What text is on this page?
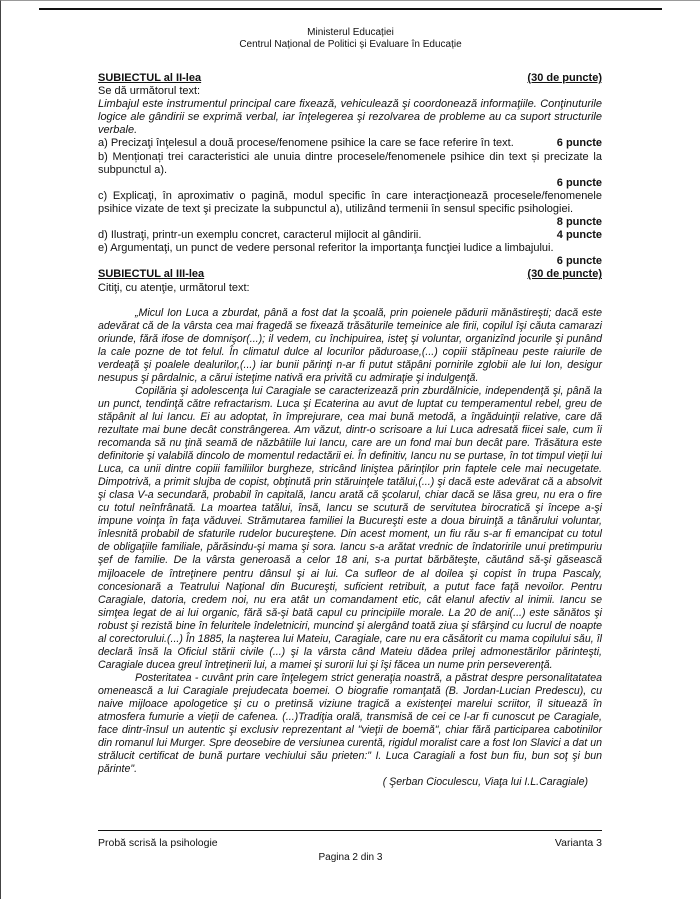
Ministerul Educației
Centrul Național de Politici și Evaluare în Educație
SUBIECTUL al II-lea	(30 de puncte)
Se dă următorul text:
Limbajul este instrumentul principal care fixează, vehiculează şi coordonează informaţiile. Conţinuturile logice ale gândirii se exprimă verbal, iar înţelegerea şi rezolvarea de probleme au ca suport structurile verbale.
a) Precizaţi înţelesul a două procese/fenomene psihice la care se face referire în text.	6 puncte
b) Menționați trei caracteristici ale unuia dintre procesele/fenomenele psihice din text și precizate la subpunctul a).
6 puncte
c) Explicaţi, în aproximativ o pagină, modul specific în care interacţionează procesele/fenomenele psihice vizate de text şi precizate la subpunctul a), utilizând termenii în sensul specific psihologiei.
8 puncte
d) Ilustraţi, printr-un exemplu concret, caracterul mijlocit al gândirii.	4 puncte
e) Argumentaţi, un punct de vedere personal referitor la importanţa funcţiei ludice a limbajului.
6 puncte
SUBIECTUL al III-lea	(30 de puncte)
Citiţi, cu atenţie, următorul text:

„Micul Ion Luca a zburdat, până a fost dat la şcoală, prin poienele pădurii mănăstireşti; dacă este adevărat că de la vârsta cea mai fragedă se fixează trăsăturile temeinice ale firii, copilul îşi căuta camarazi oriunde, fără ifose de domnişor(...); il vedem, cu închipuirea, isteţ şi voluntar, organizînd jocurile şi punând la cale pozne de tot felul. În climatul dulce al locurilor păduroase,(...) copiii stăpîneau peste raiurile de verdeaţă şi poalele dealurilor,(...) iar bunii părinţi n-ar fi putut stăpâni pornirile zglobii ale lui Ion, desigur nesupus şi pârdalnic, a cărui isteţime nativă era privită cu admiraţie şi indulgenţă.

Copilăria şi adolescenţa lui Caragiale se caracterizează prin zburdălnicie, independenţă şi, până la un punct, tendinţă către refractarism. Luca şi Ecaterina au avut de luptat cu temperamentul rebel, greu de stăpânit al lui Iancu. Ei au adoptat, în împrejurare, cea mai bună metodă, a îngăduinţii relative, care dă rezultate mai bune decât constrângerea. Am văzut, dintr-o scrisoare a lui Luca adresată fiicei sale, cum îi recomanda să nu ţină seamă de năzbâtiile lui Iancu, care are un fond mai bun decât pare. Trăsătura este definitorie şi valabilă dincolo de momentul redactării ei. În definitiv, Iancu nu se purtase, în tot timpul vieţii lui Luca, ca unii dintre copiii familiilor burgheze, stricând liniştea părinţilor prin faptele cele mai necugetate. Dimpotrivă, a primit slujba de copist, obţinută prin stăruinţele tatălui,(...) şi dacă este adevărat că a absolvit şi clasa V-a secundară, probabil în capitală, Iancu arată că şcolarul, chiar dacă se lăsa greu, nu era o fire cu totul neînfrânată. La moartea tatălui, însă, Iancu se scutură de servitutea birocratică şi începe a-şi impune voinţa în faţa văduvei. Strămutarea familiei la Bucureşti este a doua biruinţă a tânărului voluntar, înlesnită probabil de sfaturile rudelor bucureştene. Din acest moment, un fiu rău s-ar fi emancipat cu totul de obligaţiile familiale, părăsindu-şi mama şi sora. Iancu s-a arătat vrednic de îndatoririle unui pretimpuriu şef de familie. De la vârsta generoasă a celor 18 ani, s-a purtat bărbăteşte, căutând să-şi găsească mijloacele de întreţinere pentru dânsul şi ai lui. Ca sufleor de al doilea şi copist în trupa Pascaly, concesionară a Teatrului Naţional din Bucureşti, suficient retribuit, a putut face faţă nevoilor. Pentru Caragiale, datoria, credem noi, nu era atât un comandament etic, cât elanul afectiv al inimii. Iancu se simţea legat de ai lui organic, fără să-şi bată capul cu principiile morale. La 20 de ani(...) este sănătos şi robust şi rezistă bine în feluritele îndeletniciri, muncind şi alergând toată ziua şi sfârşind cu lucrul de noapte al corectorului.(...) În 1885, la naşterea lui Mateiu, Caragiale, care nu era căsătorit cu mama copilului său, îl declară însă la Oficiul stării civile (...) şi la vârsta când Mateiu dădea prilej admonestărilor părinteşti, Caragiale ducea greul întreţinerii lui, a mamei şi surorii lui şi îşi făcea un nume prin perseverenţă.

Posteritatea - cuvânt prin care înţelegem strict generaţia noastră, a păstrat despre personalitatatea omenească a lui Caragiale prejudecata boemei. O biografie romanţată (B. Jordan-Lucian Predescu), cu naive mijloace apologetice şi cu o pretinsă viziune tragică a existenţei marelui scriitor, îl situează în atmosfera fumurie a vieţii de cafenea. (...)Tradiţia orală, transmisă de cei ce l-ar fi cunoscut pe Caragiale, face dintr-însul un autentic şi exclusiv reprezentant al "vieţii de boemă", chiar fără participarea cabotinilor din romanul lui Murger. Spre deosebire de versiunea curentă, rigidul moralist care a fost Ion Slavici a dat un strălucit certificat de bună purtare vechiului său prieten:" I. Luca Caragiali a fost bun fiu, bun soţ şi bun părinte".

( Şerban Cioculescu, Viaţa lui I.L.Caragiale)
Probă scrisă la psihologie	Varianta 3
Pagina 2 din 3
